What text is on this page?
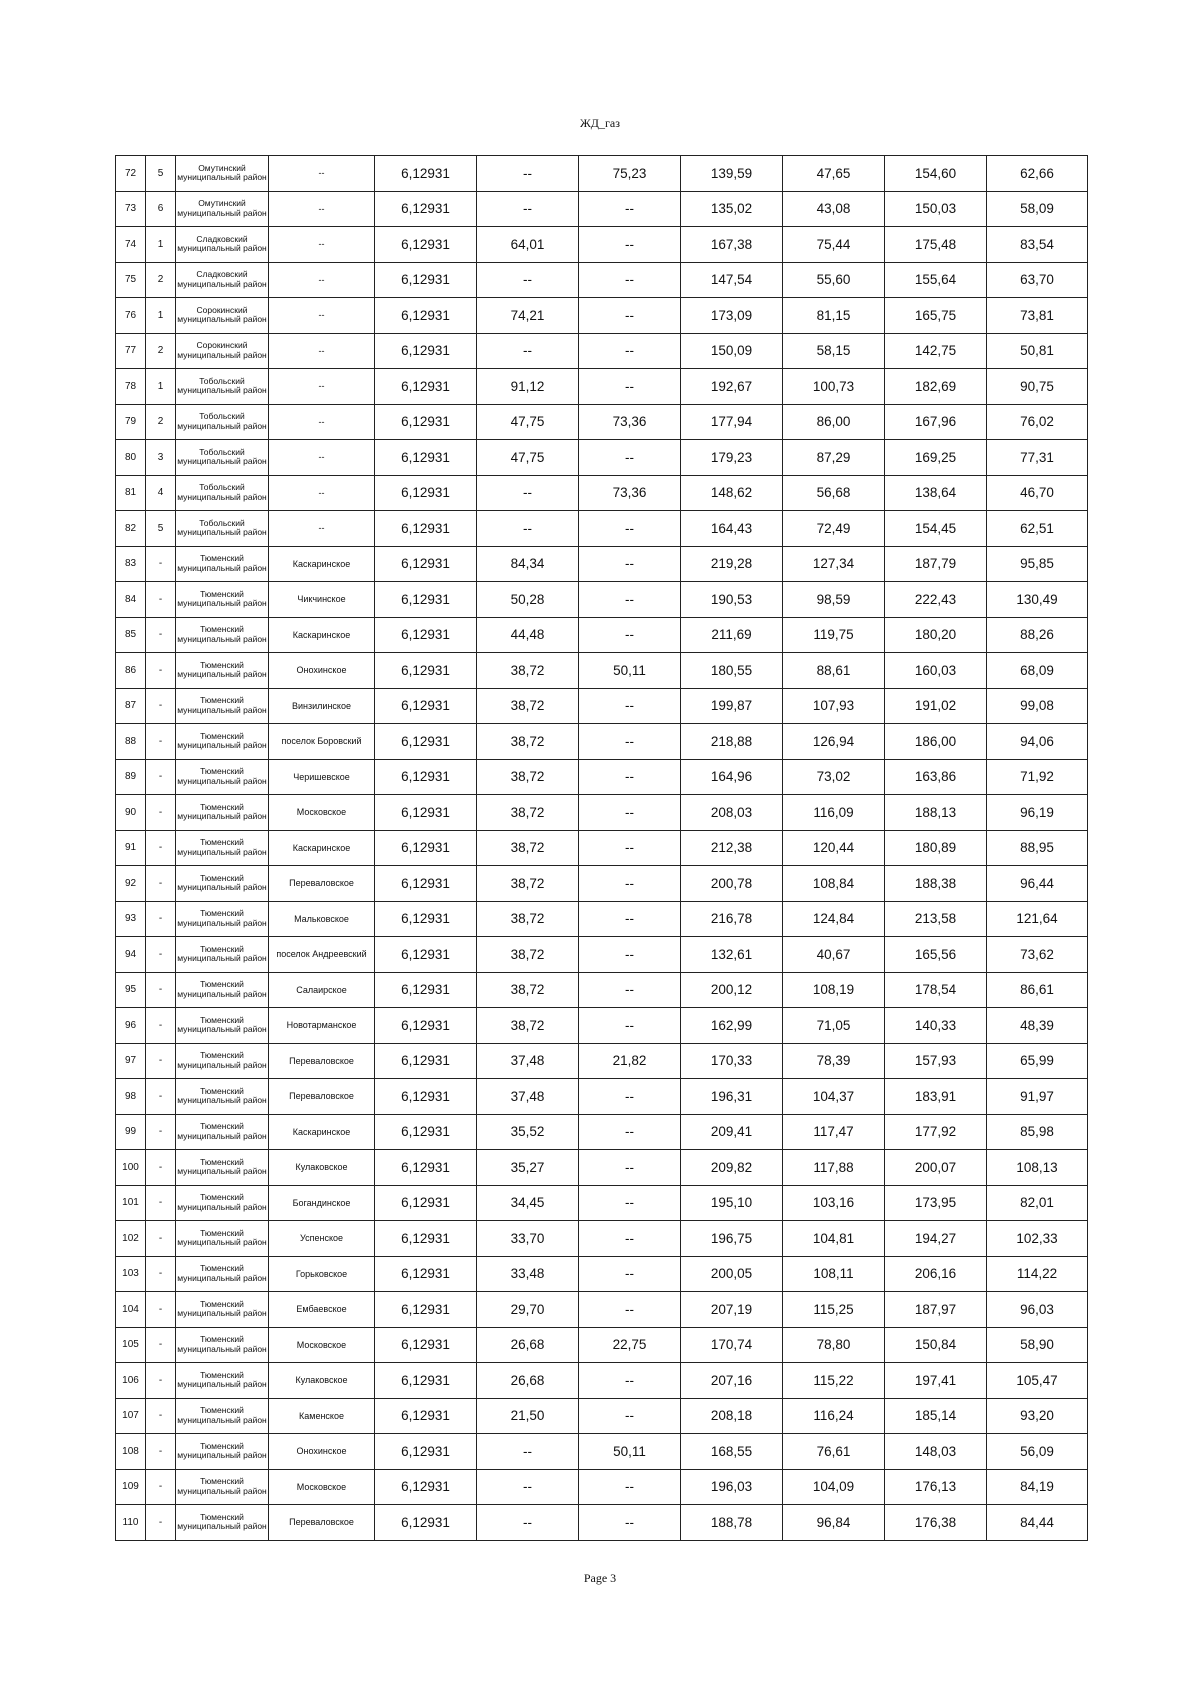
ЖД_газ
72	5	Омутинский муниципальный район	--	6,12931	--	75,23	139,59	47,65	154,60	62,66
73	6	Омутинский муниципальный район	--	6,12931	--	--	135,02	43,08	150,03	58,09
74	1	Сладковский муниципальный район	--	6,12931	64,01	--	167,38	75,44	175,48	83,54
75	2	Сладковский муниципальный район	--	6,12931	--	--	147,54	55,60	155,64	63,70
76	1	Сорокинский муниципальный район	--	6,12931	74,21	--	173,09	81,15	165,75	73,81
77	2	Сорокинский муниципальный район	--	6,12931	--	--	150,09	58,15	142,75	50,81
78	1	Тобольский муниципальный район	--	6,12931	91,12	--	192,67	100,73	182,69	90,75
79	2	Тобольский муниципальный район	--	6,12931	47,75	73,36	177,94	86,00	167,96	76,02
80	3	Тобольский муниципальный район	--	6,12931	47,75	--	179,23	87,29	169,25	77,31
81	4	Тобольский муниципальный район	--	6,12931	--	73,36	148,62	56,68	138,64	46,70
82	5	Тобольский муниципальный район	--	6,12931	--	--	164,43	72,49	154,45	62,51
83	-	Тюменский муниципальный район	Каскаринское	6,12931	84,34	--	219,28	127,34	187,79	95,85
84	-	Тюменский муниципальный район	Чикчинское	6,12931	50,28	--	190,53	98,59	222,43	130,49
85	-	Тюменский муниципальный район	Каскаринское	6,12931	44,48	--	211,69	119,75	180,20	88,26
86	-	Тюменский муниципальный район	Онохинское	6,12931	38,72	50,11	180,55	88,61	160,03	68,09
87	-	Тюменский муниципальный район	Винзилинское	6,12931	38,72	--	199,87	107,93	191,02	99,08
88	-	Тюменский муниципальный район	поселок Боровский	6,12931	38,72	--	218,88	126,94	186,00	94,06
89	-	Тюменский муниципальный район	Черишевское	6,12931	38,72	--	164,96	73,02	163,86	71,92
90	-	Тюменский муниципальный район	Московское	6,12931	38,72	--	208,03	116,09	188,13	96,19
91	-	Тюменский муниципальный район	Каскаринское	6,12931	38,72	--	212,38	120,44	180,89	88,95
92	-	Тюменский муниципальный район	Переваловское	6,12931	38,72	--	200,78	108,84	188,38	96,44
93	-	Тюменский муниципальный район	Мальковское	6,12931	38,72	--	216,78	124,84	213,58	121,64
94	-	Тюменский муниципальный район	поселок Андреевский	6,12931	38,72	--	132,61	40,67	165,56	73,62
95	-	Тюменский муниципальный район	Салаирское	6,12931	38,72	--	200,12	108,19	178,54	86,61
96	-	Тюменский муниципальный район	Новотарманское	6,12931	38,72	--	162,99	71,05	140,33	48,39
97	-	Тюменский муниципальный район	Переваловское	6,12931	37,48	21,82	170,33	78,39	157,93	65,99
98	-	Тюменский муниципальный район	Переваловское	6,12931	37,48	--	196,31	104,37	183,91	91,97
99	-	Тюменский муниципальный район	Каскаринское	6,12931	35,52	--	209,41	117,47	177,92	85,98
100	-	Тюменский муниципальный район	Кулаковское	6,12931	35,27	--	209,82	117,88	200,07	108,13
101	-	Тюменский муниципальный район	Богандинское	6,12931	34,45	--	195,10	103,16	173,95	82,01
102	-	Тюменский муниципальный район	Успенское	6,12931	33,70	--	196,75	104,81	194,27	102,33
103	-	Тюменский муниципальный район	Горьковское	6,12931	33,48	--	200,05	108,11	206,16	114,22
104	-	Тюменский муниципальный район	Ембаевское	6,12931	29,70	--	207,19	115,25	187,97	96,03
105	-	Тюменский муниципальный район	Московское	6,12931	26,68	22,75	170,74	78,80	150,84	58,90
106	-	Тюменский муниципальный район	Кулаковское	6,12931	26,68	--	207,16	115,22	197,41	105,47
107	-	Тюменский муниципальный район	Каменское	6,12931	21,50	--	208,18	116,24	185,14	93,20
108	-	Тюменский муниципальный район	Онохинское	6,12931	--	50,11	168,55	76,61	148,03	56,09
109	-	Тюменский муниципальный район	Московское	6,12931	--	--	196,03	104,09	176,13	84,19
110	-	Тюменский муниципальный район	Переваловское	6,12931	--	--	188,78	96,84	176,38	84,44
Page 3
